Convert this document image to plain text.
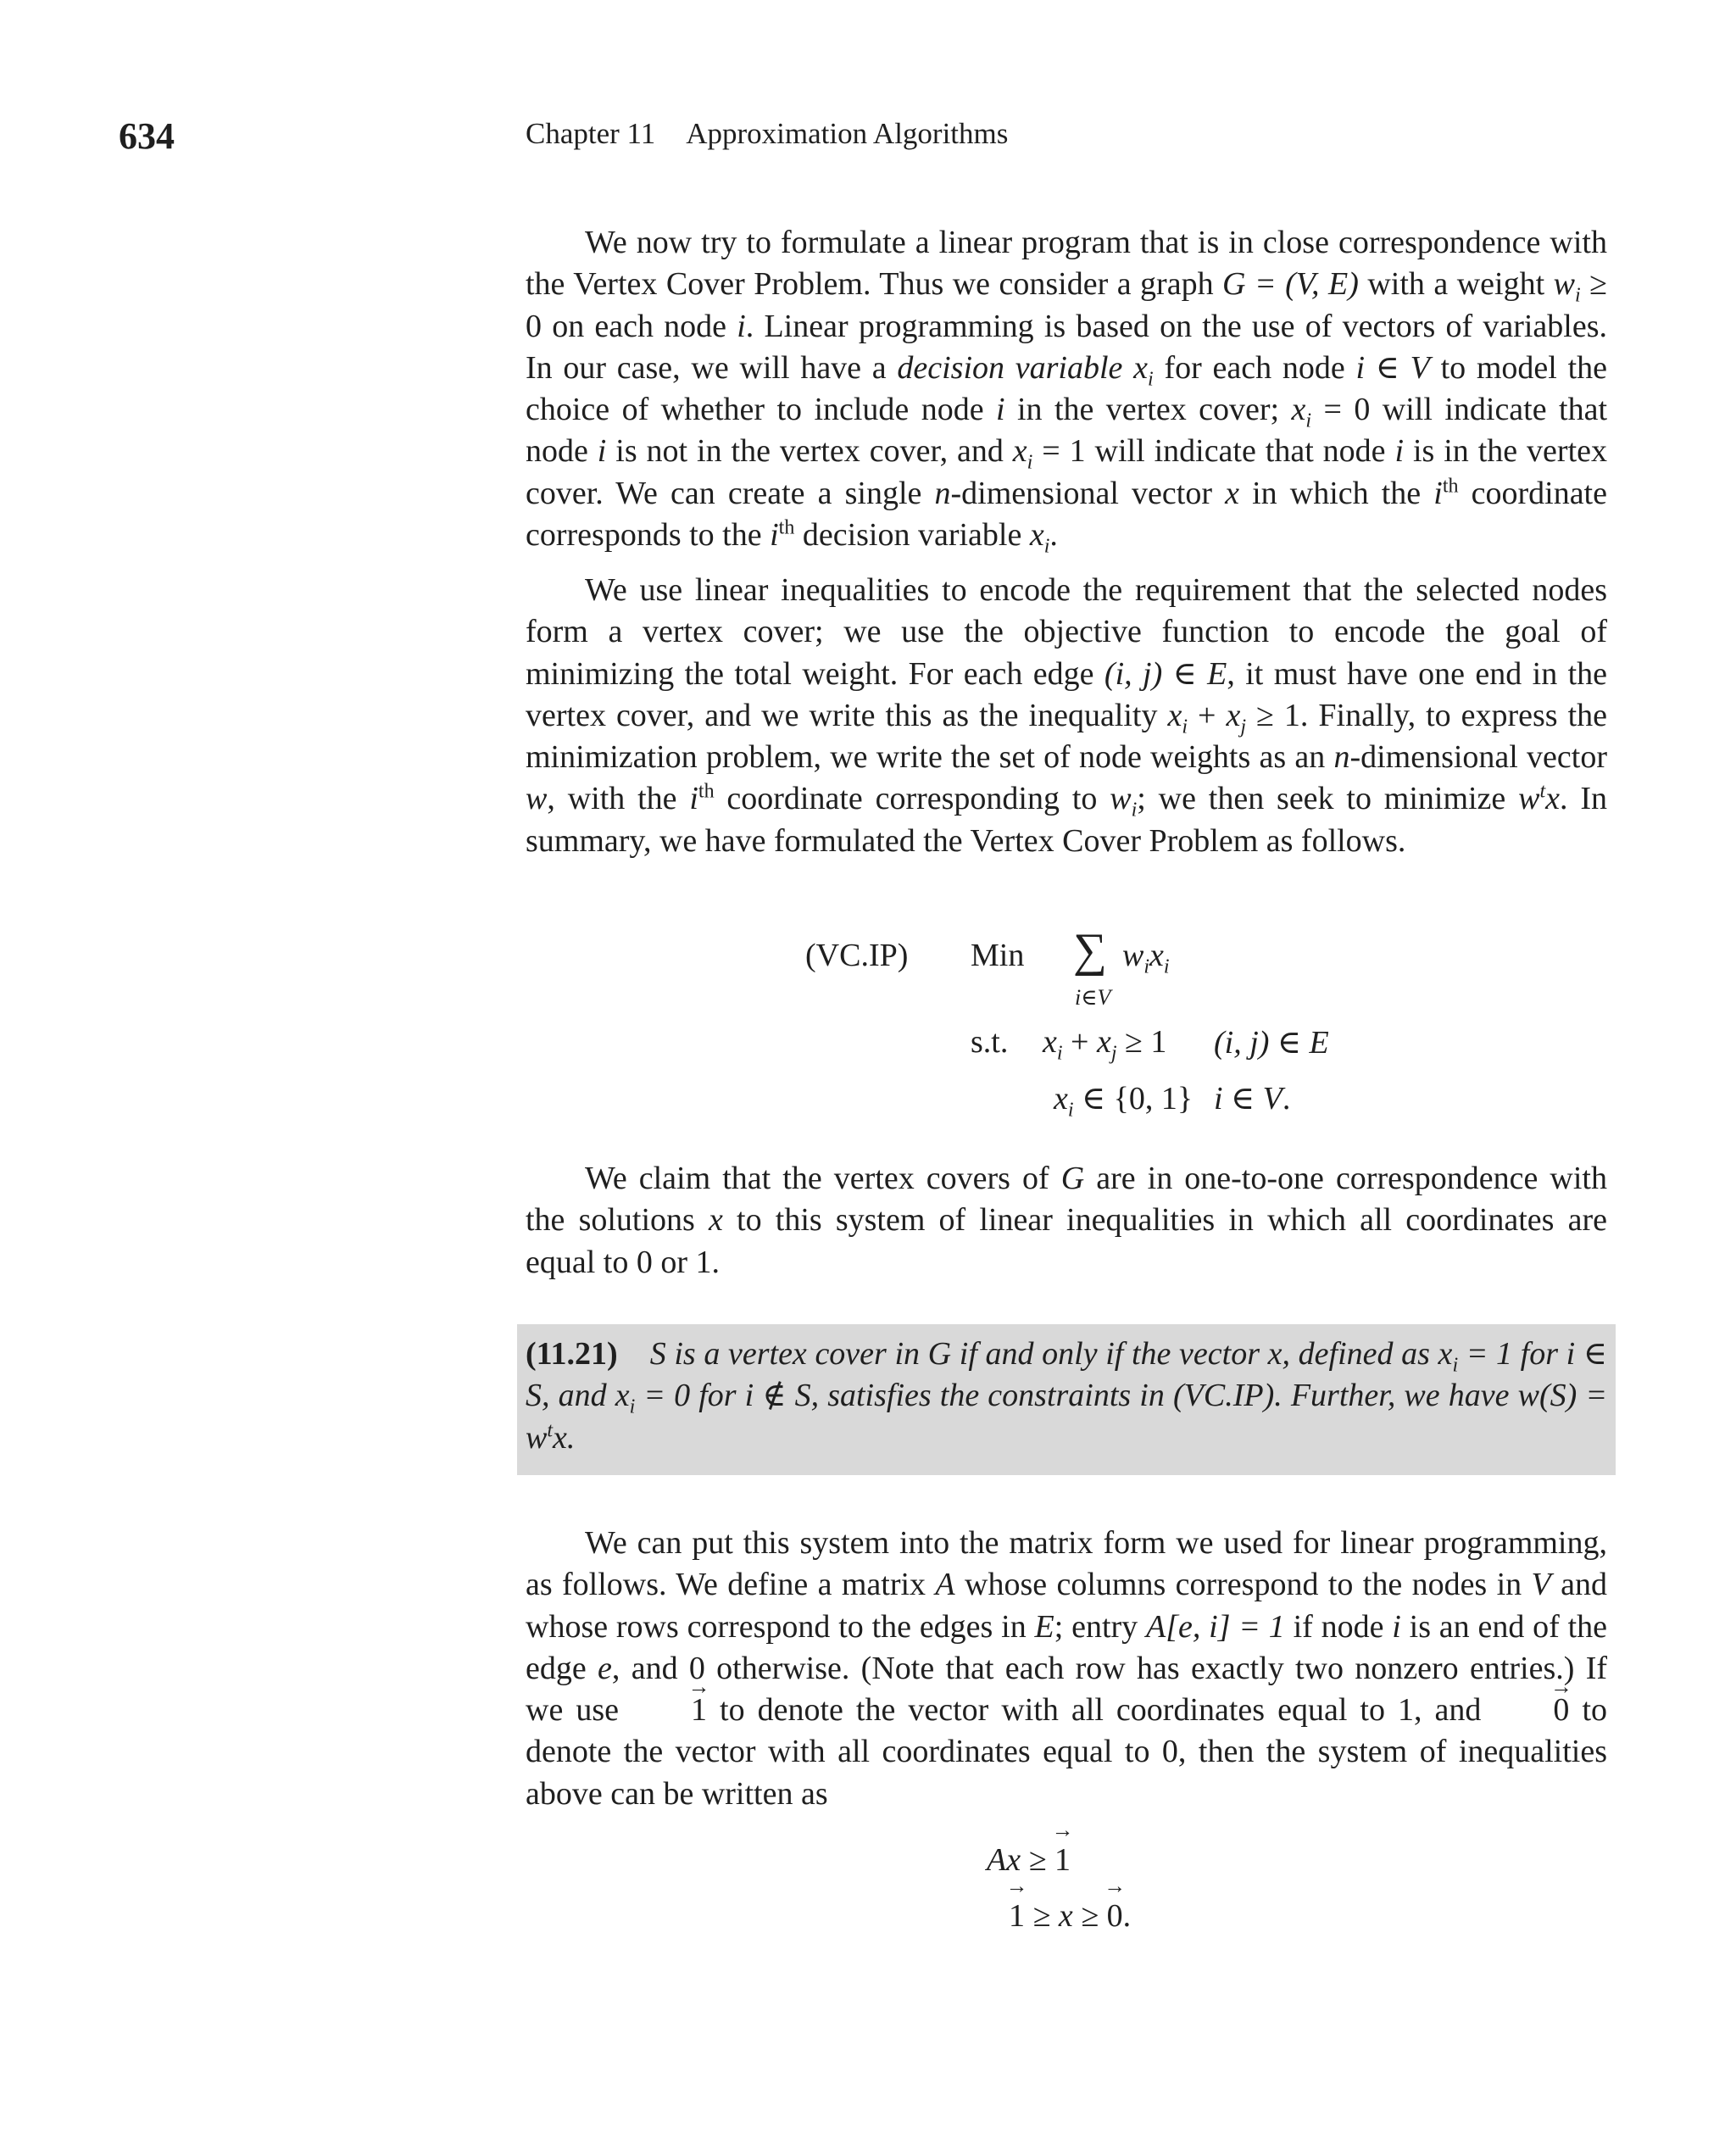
634	Chapter 11 Approximation Algorithms

We now try to formulate a linear program that is in close correspondence with the Vertex Cover Problem. Thus we consider a graph G = (V, E) with a weight $w_i \ge 0$ on each node i. Linear programming is based on the use of vectors of variables. In our case, we will have a decision variable $x_i$ for each node i ∈ V to model the choice of whether to include node i in the vertex cover; $x_i = 0$ will indicate that node i is not in the vertex cover, and $x_i = 1$ will indicate that node i is in the vertex cover. We can create a single n-dimensional vector x in which the $i^{th}$ coordinate corresponds to the $i^{th}$ decision variable $x_i$.

We use linear inequalities to encode the requirement that the selected nodes form a vertex cover; we use the objective function to encode the goal of minimizing the total weight. For each edge (i, j) ∈ E, it must have one end in the vertex cover, and we write this as the inequality $x_i + x_j \ge 1$. Finally, to express the minimization problem, we write the set of node weights as an n-dimensional vector w, with the $i^{th}$ coordinate corresponding to $w_i$; we then seek to minimize $w^tx$. In summary, we have formulated the Vertex Cover Problem as follows.

(VC.IP) Min ∑ $w_ix_i$
i∈V
s.t. $x_i + x_j \ge 1$ (i, j) ∈ E
$x_i$ ∈ {0, 1} i ∈ V.

We claim that the vertex covers of G are in one-to-one correspondence with the solutions x to this system of linear inequalities in which all coordinates are equal to 0 or 1.

(11.21) S is a vertex cover in G if and only if the vector x, defined as $x_i = 1$ for i ∈ S, and $x_i = 0$ for i ∉ S, satisfies the constraints in (VC.IP). Further, we have $w(S) = w^tx$.

We can put this system into the matrix form we used for linear programming, as follows. We define a matrix A whose columns correspond to the nodes in V and whose rows correspond to the edges in E; entry A[e, i] = 1 if node i is an end of the edge e, and 0 otherwise. (Note that each row has exactly two nonzero entries.) If we use → 1 to denote the vector with all coordinates equal to 1, and → 0 to denote the vector with all coordinates equal to 0, then the system of inequalities above can be written as

Ax ≥ → 1
→ 1 ≥ x ≥ → 0.
